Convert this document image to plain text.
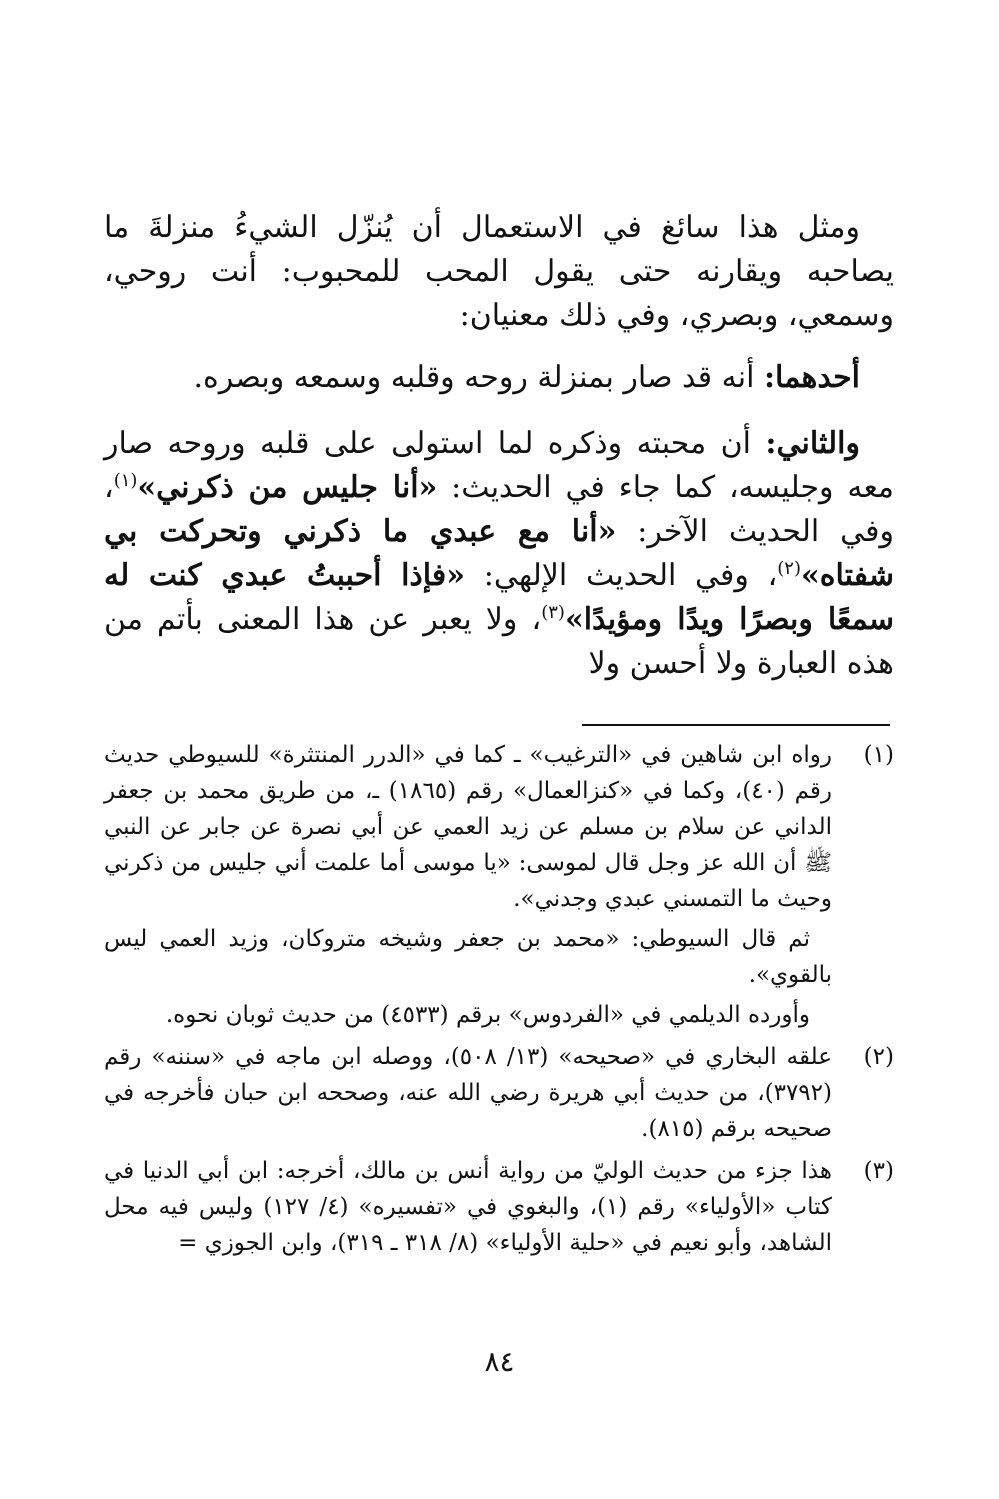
ومثل هذا سائغ في الاستعمال أن يُنزّل الشيءُ منزلةَ ما يصاحبه ويقارنه حتى يقول المحب للمحبوب: أنت روحي، وسمعي، وبصري، وفي ذلك معنيان:

أحدهما: أنه قد صار بمنزلة روحه وقلبه وسمعه وبصره.

والثاني: أن محبته وذكره لما استولى على قلبه وروحه صار معه وجليسه، كما جاء في الحديث: «أنا جليس من ذكرني»$^{(١)}$، وفي الحديث الآخر: «أنا مع عبدي ما ذكرني وتحركت بي شفتاه»$^{(٢)}$، وفي الحديث الإلهي: «فإذا أحببتُ عبدي كنت له سمعًا وبصرًا ويدًا ومؤيدًا»$^{(٣)}$، ولا يعبر عن هذا المعنى بأتم من هذه العبارة ولا أحسن ولا

(١)

رواه ابن شاهين في «الترغيب» ـ كما في «الدرر المنتثرة» للسيوطي حديث رقم (٤٠)، وكما في «كنزالعمال» رقم (١٨٦٥) ـ، من طريق محمد بن جعفر الداني عن سلام بن مسلم عن زيد العمي عن أبي نصرة عن جابر عن النبي ﷺ أن الله عز وجل قال لموسى: «يا موسى أما علمت أني جليس من ذكرني وحيث ما التمسني عبدي وجدني».

ثم قال السيوطي: «محمد بن جعفر وشيخه متروكان، وزيد العمي ليس بالقوي».

وأورده الديلمي في «الفردوس» برقم (٤٥٣٣) من حديث ثوبان نحوه.

(٢)

علقه البخاري في «صحيحه» (١٣/ ٥٠٨)، ووصله ابن ماجه في «سننه» رقم (٣٧٩٢)، من حديث أبي هريرة رضي الله عنه، وصححه ابن حبان فأخرجه في صحيحه برقم (٨١٥).

(٣)

هذا جزء من حديث الوليّ من رواية أنس بن مالك، أخرجه: ابن أبي الدنيا في كتاب «الأولياء» رقم (١)، والبغوي في «تفسيره» (٤/ ١٢٧) وليس فيه محل الشاهد، وأبو نعيم في «حلية الأولياء» (٨/ ٣١٨ ـ ٣١٩)، وابن الجوزي =

٨٤
